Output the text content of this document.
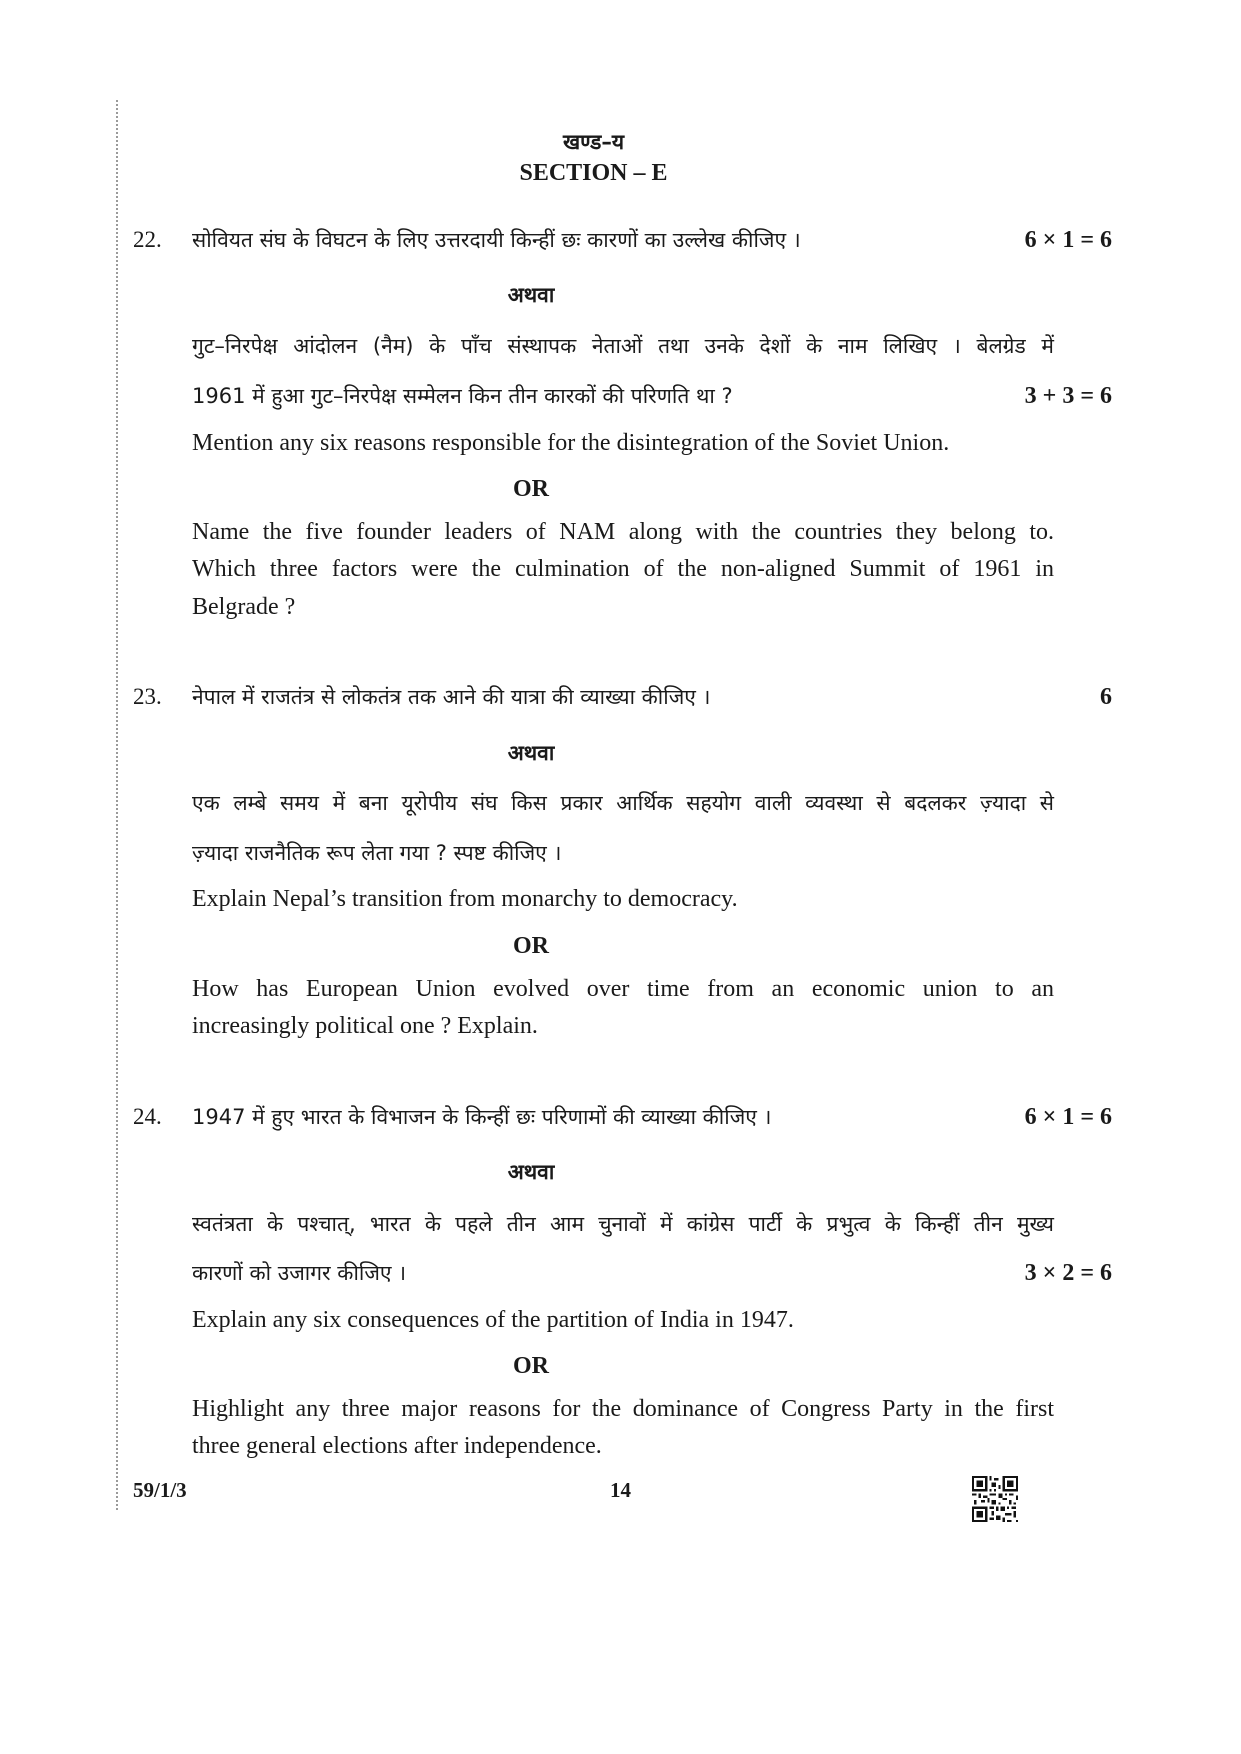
खण्ड–य
SECTION – E
22. सोवियत संघ के विघटन के लिए उत्तरदायी किन्हीं छः कारणों का उल्लेख कीजिए ।	6 × 1 = 6
अथवा
गुट–निरपेक्ष आंदोलन (नैम) के पाँच संस्थापक नेताओं तथा उनके देशों के नाम लिखिए । बेलग्रेड में
1961 में हुआ गुट–निरपेक्ष सम्मेलन किन तीन कारकों की परिणति था ?	3 + 3 = 6
Mention any six reasons responsible for the disintegration of the Soviet Union.
OR
Name the five founder leaders of NAM along with the countries they belong to.
Which three factors were the culmination of the non-aligned Summit of 1961 in
Belgrade ?
23. नेपाल में राजतंत्र से लोकतंत्र तक आने की यात्रा की व्याख्या कीजिए ।	6
अथवा
एक लम्बे समय में बना यूरोपीय संघ किस प्रकार आर्थिक सहयोग वाली व्यवस्था से बदलकर ज़्यादा से
ज़्यादा राजनैतिक रूप लेता गया ? स्पष्ट कीजिए ।
Explain Nepal’s transition from monarchy to democracy.
OR
How has European Union evolved over time from an economic union to an
increasingly political one ? Explain.
24. 1947 में हुए भारत के विभाजन के किन्हीं छः परिणामों की व्याख्या कीजिए ।	6 × 1 = 6
अथवा
स्वतंत्रता के पश्चात्, भारत के पहले तीन आम चुनावों में कांग्रेस पार्टी के प्रभुत्व के किन्हीं तीन मुख्य
कारणों को उजागर कीजिए ।	3 × 2 = 6
Explain any six consequences of the partition of India in 1947.
OR
Highlight any three major reasons for the dominance of Congress Party in the first
three general elections after independence.
59/1/3	14
